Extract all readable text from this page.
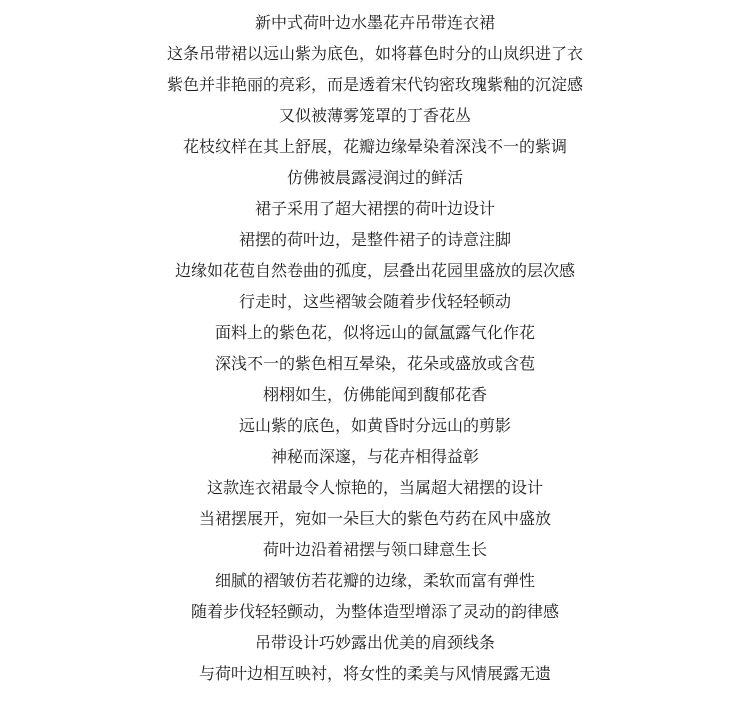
新中式荷叶边水墨花卉吊带连衣裙
这条吊带裙以远山紫为底色，如将暮色时分的山岚织进了衣
紫色并非艳丽的亮彩，而是透着宋代钧密玫瑰紫釉的沉淀感
又似被薄雾笼罩的丁香花丛
花枝纹样在其上舒展，花瓣边缘晕染着深浅不一的紫调
仿佛被晨露浸润过的鲜活
裙子采用了超大裙摆的荷叶边设计
裙摆的荷叶边，是整件裙子的诗意注脚
边缘如花苞自然卷曲的孤度，层叠出花园里盛放的层次感
行走时，这些褶皱会随着步伐轻轻顿动
面料上的紫色花，似将远山的氤氲露气化作花
深浅不一的紫色相互晕染，花朵或盛放或含苞
栩栩如生，仿佛能闻到馥郁花香
远山紫的底色，如黄昏时分远山的剪影
神秘而深邃，与花卉相得益彰
这款连衣裙最令人惊艳的，当属超大裙摆的设计
当裙摆展开，宛如一朵巨大的紫色芍药在风中盛放
荷叶边沿着裙摆与领口肆意生长
细腻的褶皱仿若花瓣的边缘，柔软而富有弹性
随着步伐轻轻颤动，为整体造型增添了灵动的韵律感
吊带设计巧妙露出优美的肩颈线条
与荷叶边相互映衬，将女性的柔美与风情展露无遗
